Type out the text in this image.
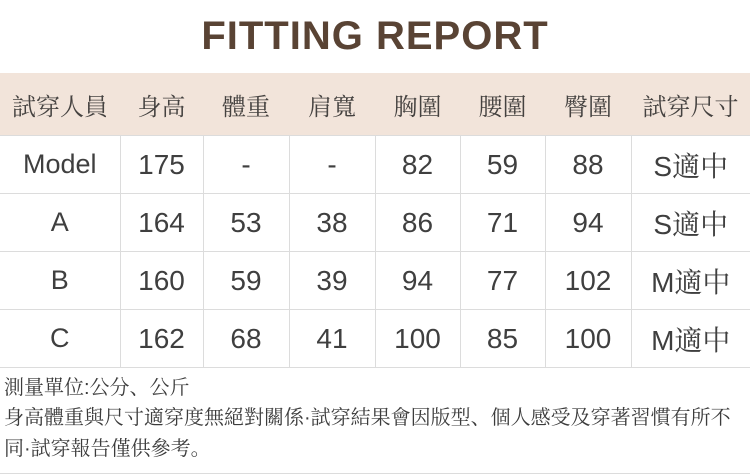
FITTING REPORT
試穿人員	身高	體重	肩寬	胸圍	腰圍	臀圍	試穿尺寸
Model	175	-	-	82	59	88	S適中
A	164	53	38	86	71	94	S適中
B	160	59	39	94	77	102	M適中
C	162	68	41	100	85	100	M適中
測量單位:公分、公斤
身高體重與尺寸適穿度無絕對關係·試穿結果會因版型、個人感受及穿著習慣有所不同·試穿報告僅供參考。
